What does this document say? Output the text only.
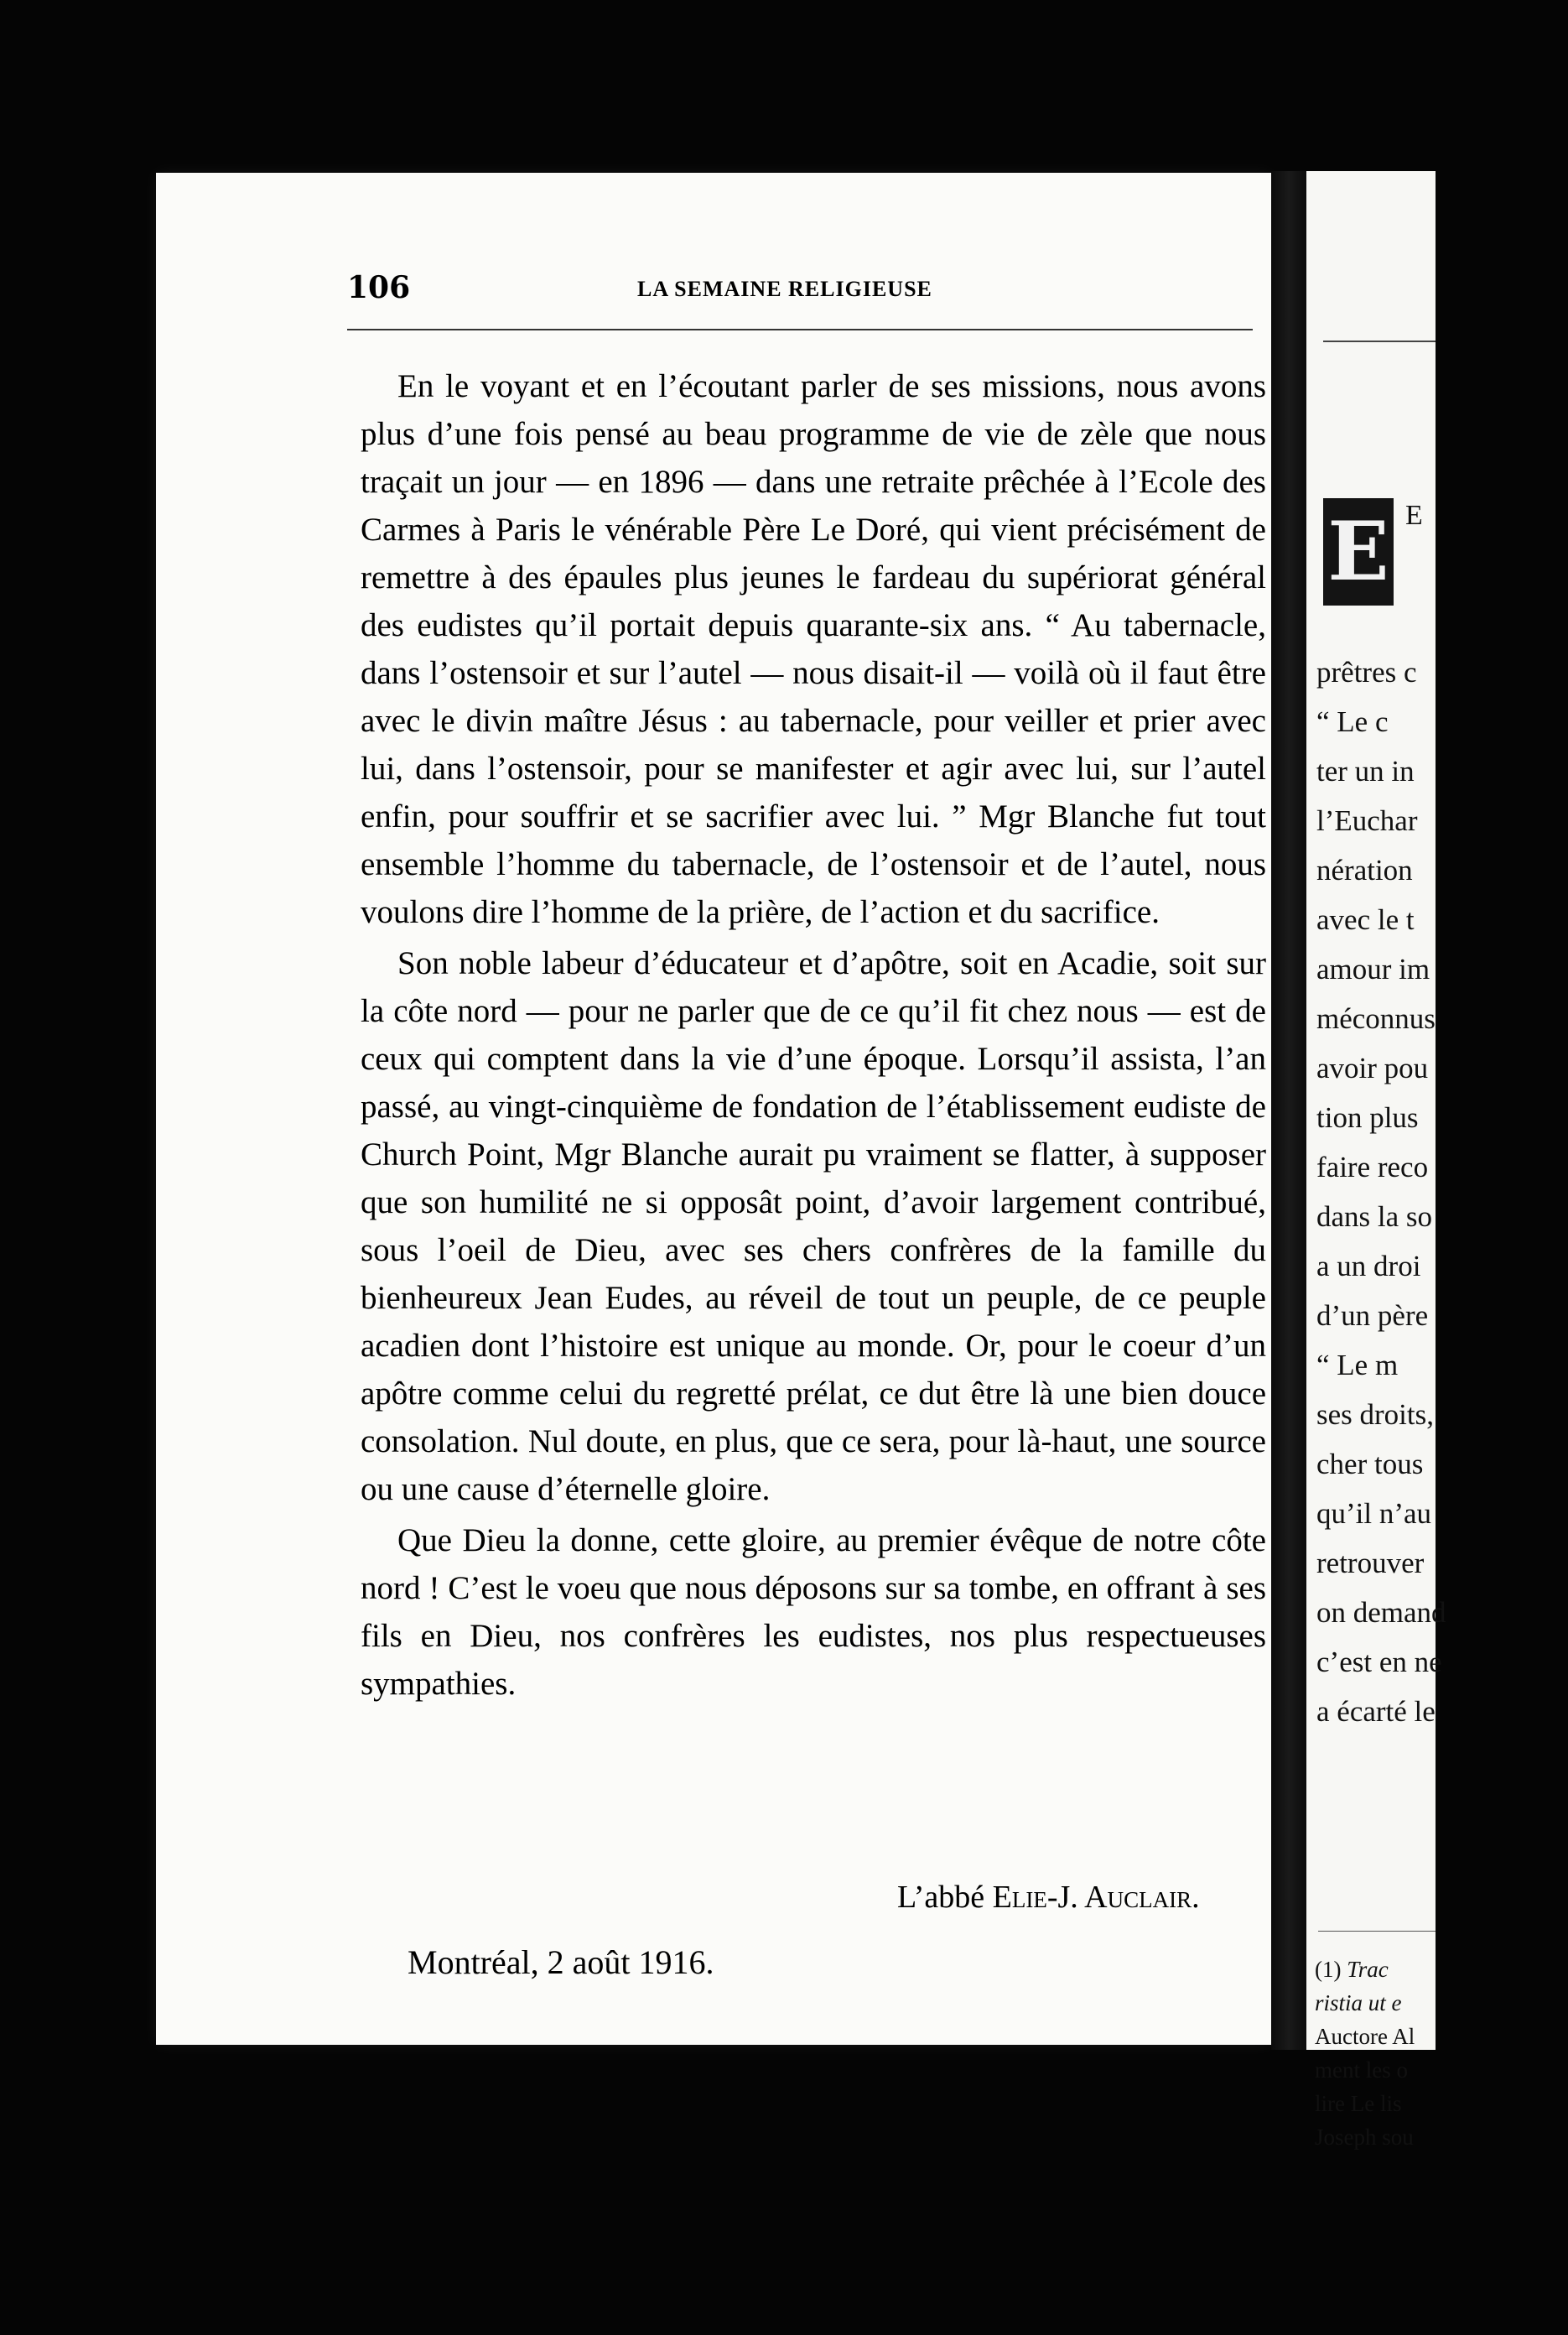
E E
prêtres c
“ Le c
ter un in
l’Euchar
nération
avec le t
amour im
méconnus
avoir pou
tion plus
faire reco
dans la so
a un droi
d’un père
“ Le m
ses droits,
cher tous
qu’il n’au
retrouver
on demand
c’est en ne
a écarté le
(1) Trac
ristia ut e
Auctore Al
ment les o
lire Le lis
Joseph sou
106	LA SEMAINE RELIGIEUSE

En le voyant et en l’écoutant parler de ses missions, nous avons plus d’une fois pensé au beau programme de vie de zèle que nous traçait un jour — en 1896 — dans une retraite prêchée à l’Ecole des Carmes à Paris le vénérable Père Le Doré, qui vient précisément de remettre à des épaules plus jeunes le fardeau du supériorat général des eudistes qu’il portait depuis quarante-six ans. “ Au tabernacle, dans l’ostensoir et sur l’autel — nous disait-il — voilà où il faut être avec le divin maître Jésus : au tabernacle, pour veiller et prier avec lui, dans l’ostensoir, pour se manifester et agir avec lui, sur l’autel enfin, pour souffrir et se sacrifier avec lui. ” Mgr Blanche fut tout ensemble l’homme du tabernacle, de l’ostensoir et de l’autel, nous voulons dire l’homme de la prière, de l’action et du sacrifice.

Son noble labeur d’éducateur et d’apôtre, soit en Acadie, soit sur la côte nord — pour ne parler que de ce qu’il fit chez nous — est de ceux qui comptent dans la vie d’une époque. Lorsqu’il assista, l’an passé, au vingt-cinquième de fondation de l’établissement eudiste de Church Point, Mgr Blanche aurait pu vraiment se flatter, à supposer que son humilité ne si opposât point, d’avoir largement contribué, sous l’oeil de Dieu, avec ses chers confrères de la famille du bienheureux Jean Eudes, au réveil de tout un peuple, de ce peuple acadien dont l’histoire est unique au monde. Or, pour le coeur d’un apôtre comme celui du regretté prélat, ce dut être là une bien douce consolation. Nul doute, en plus, que ce sera, pour là-haut, une source ou une cause d’éternelle gloire.

Que Dieu la donne, cette gloire, au premier évêque de notre côte nord ! C’est le voeu que nous déposons sur sa tombe, en offrant à ses fils en Dieu, nos confrères les eudistes, nos plus respectueuses sympathies.

L’abbé Elie-J. Auclair.
Montréal, 2 août 1916.
